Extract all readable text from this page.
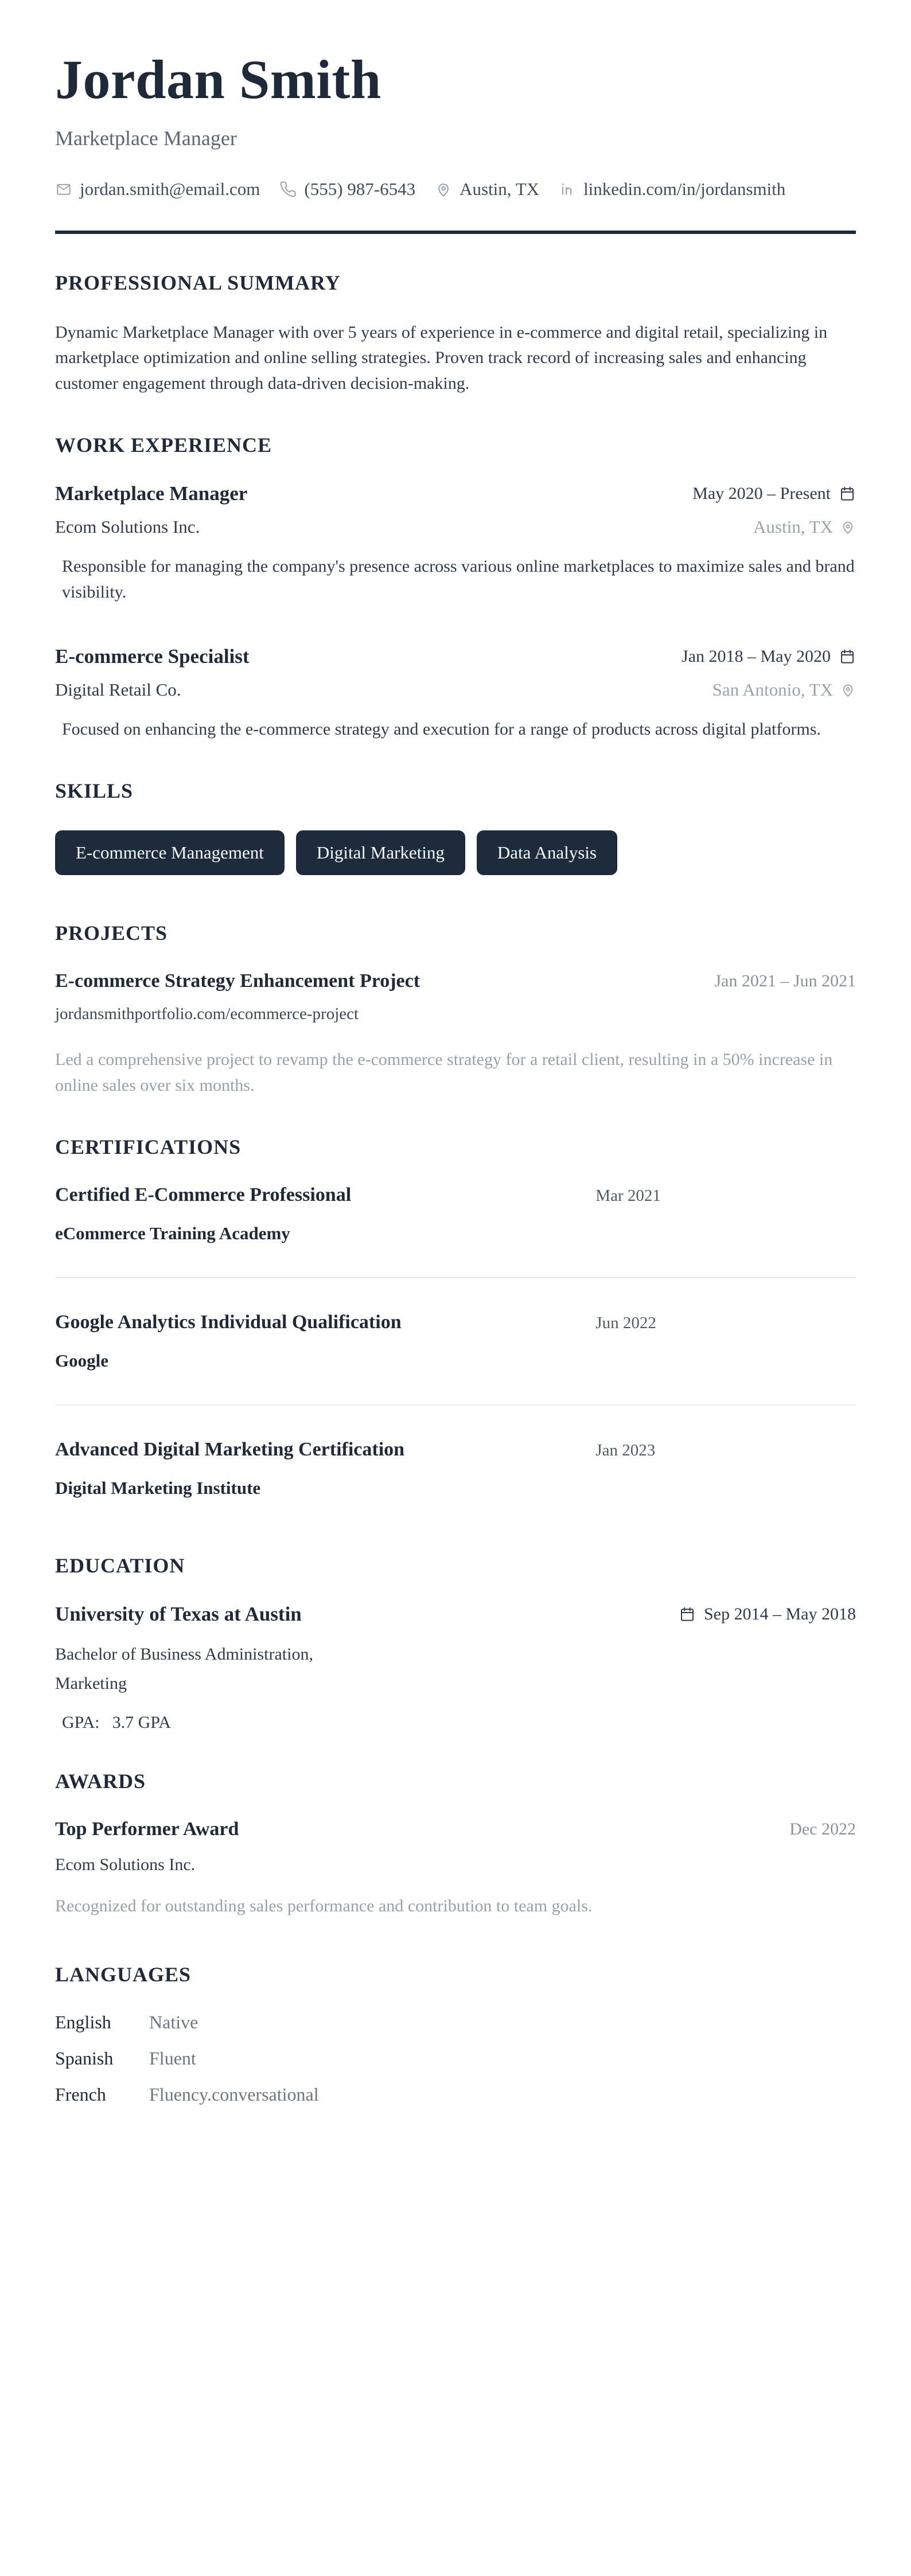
Jordan Smith
Marketplace Manager
jordan.smith@email.com (555) 987-6543 Austin, TX linkedin.com/in/jordansmith
PROFESSIONAL SUMMARY

Dynamic Marketplace Manager with over 5 years of experience in e-commerce and digital retail, specializing in marketplace optimization and online selling strategies. Proven track record of increasing sales and enhancing customer engagement through data-driven decision-making.

WORK EXPERIENCE
Marketplace Manager	May 2020 – Present
Ecom Solutions Inc.	Austin, TX

Responsible for managing the company's presence across various online marketplaces to maximize sales and brand visibility.

E-commerce Specialist	Jan 2018 – May 2020
Digital Retail Co.	San Antonio, TX

Focused on enhancing the e-commerce strategy and execution for a range of products across digital platforms.

SKILLS
E-commerce Management	Digital Marketing	Data Analysis
PROJECTS
E-commerce Strategy Enhancement Project	Jan 2021 – Jun 2021
jordansmithportfolio.com/ecommerce-project

Led a comprehensive project to revamp the e-commerce strategy for a retail client, resulting in a 50% increase in online sales over six months.

CERTIFICATIONS
Certified E-Commerce Professional
eCommerce Training Academy
Mar 2021
Google Analytics Individual Qualification
Google
Jun 2022
Advanced Digital Marketing Certification
Digital Marketing Institute
Jan 2023
EDUCATION
University of Texas at Austin	Sep 2014 – May 2018
Bachelor of Business Administration, Marketing
GPA: 3.7 GPA
AWARDS
Top Performer Award	Dec 2022
Ecom Solutions Inc.

Recognized for outstanding sales performance and contribution to team goals.

LANGUAGES
English	Native
Spanish	Fluent
French	Fluency.conversational
